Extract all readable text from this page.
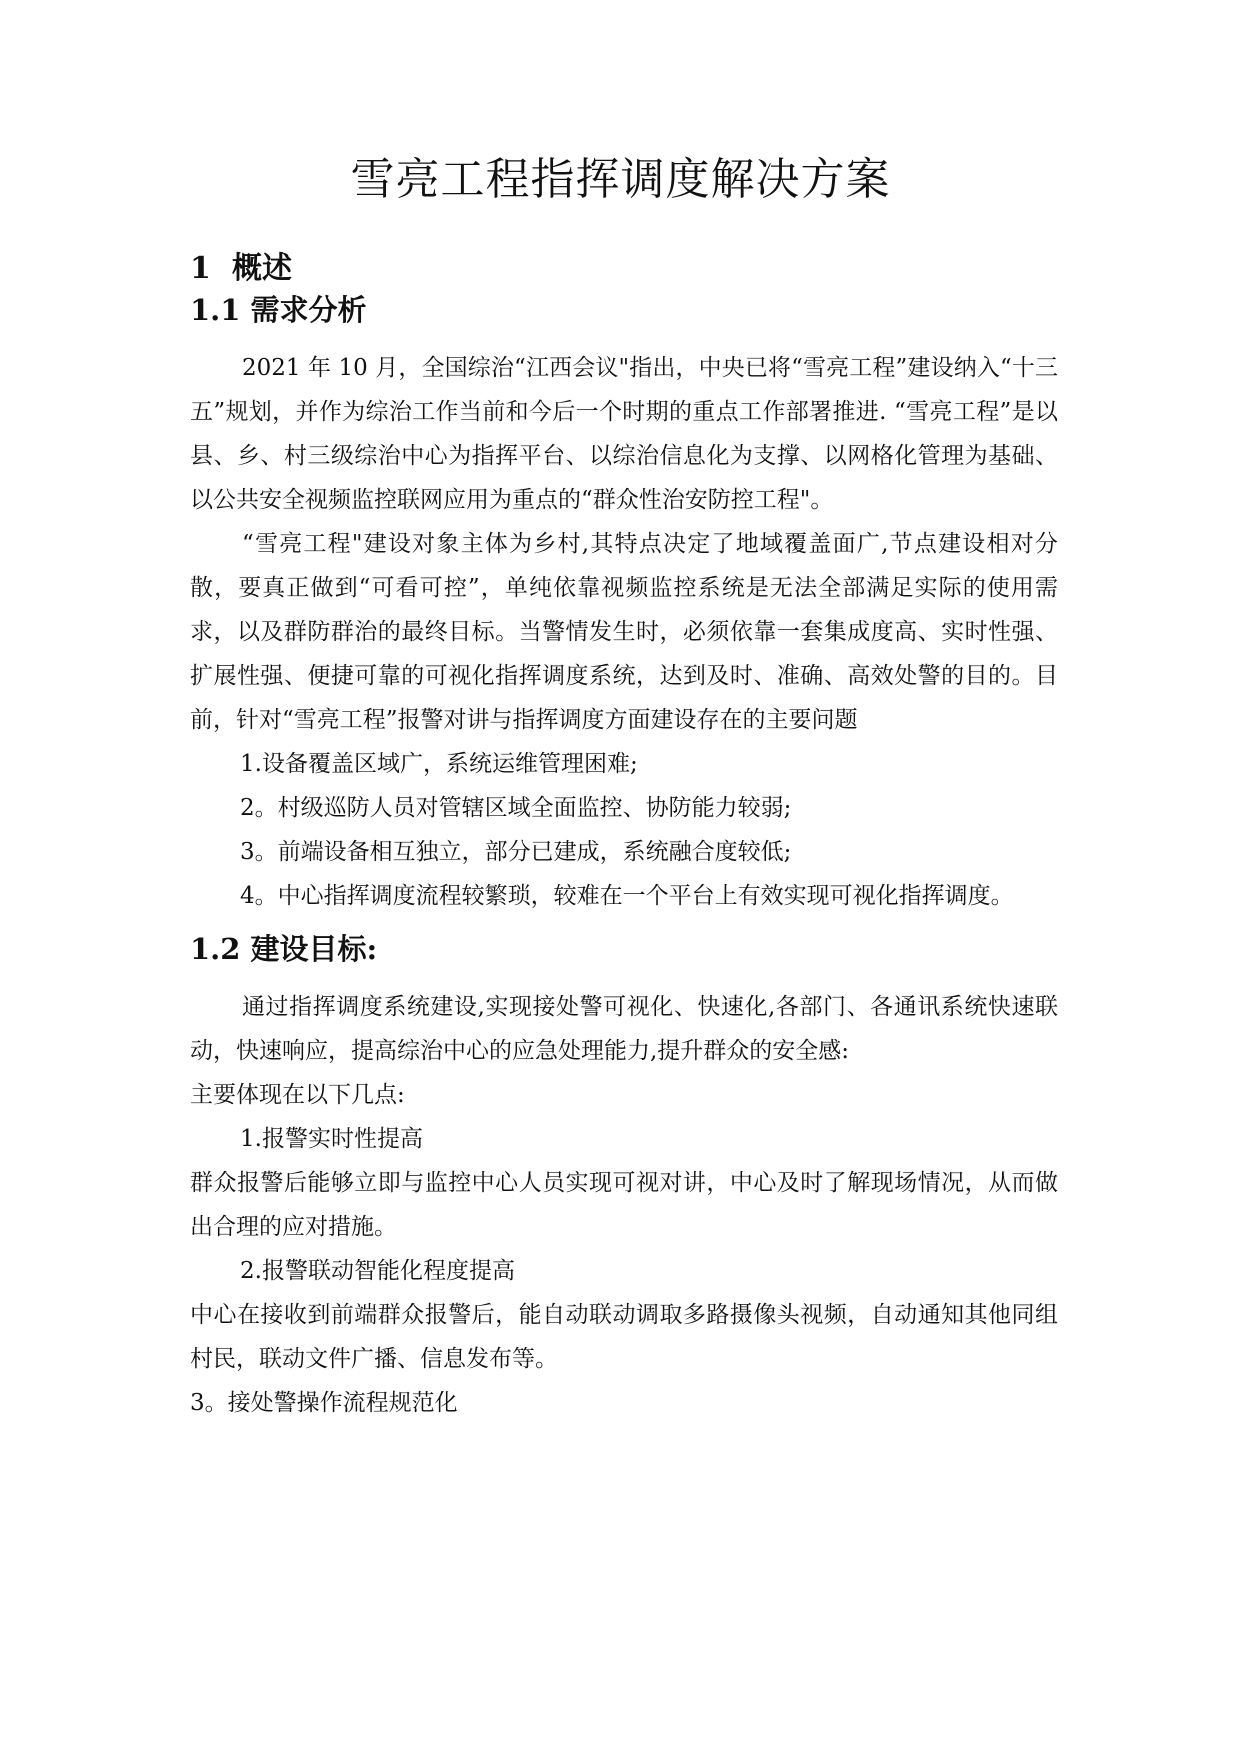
雪亮工程指挥调度解决方案
1 概述
1.1 需求分析

2021 年 10 月，全国综治“江西会议"指出，中央已将“雪亮工程”建设纳入“十三五”规划，并作为综治工作当前和今后一个时期的重点工作部署推进. “雪亮工程”是以县、乡、村三级综治中心为指挥平台、以综治信息化为支撑、以网格化管理为基础、以公共安全视频监控联网应用为重点的“群众性治安防控工程"。

“雪亮工程"建设对象主体为乡村,其特点决定了地域覆盖面广,节点建设相对分散，要真正做到“可看可控”，单纯依靠视频监控系统是无法全部满足实际的使用需求，以及群防群治的最终目标。当警情发生时，必须依靠一套集成度高、实时性强、扩展性强、便捷可靠的可视化指挥调度系统，达到及时、准确、高效处警的目的。目前，针对“雪亮工程”报警对讲与指挥调度方面建设存在的主要问题

1.设备覆盖区域广，系统运维管理困难;

2。村级巡防人员对管辖区域全面监控、协防能力较弱;

3。前端设备相互独立，部分已建成，系统融合度较低;

4。中心指挥调度流程较繁琐，较难在一个平台上有效实现可视化指挥调度。

1.2 建设目标:

通过指挥调度系统建设,实现接处警可视化、快速化,各部门、各通讯系统快速联动，快速响应，提高综治中心的应急处理能力,提升群众的安全感:

主要体现在以下几点:

1.报警实时性提高

群众报警后能够立即与监控中心人员实现可视对讲，中心及时了解现场情况，从而做出合理的应对措施。

2.报警联动智能化程度提高

中心在接收到前端群众报警后，能自动联动调取多路摄像头视频，自动通知其他同组村民，联动文件广播、信息发布等。

3。接处警操作流程规范化
